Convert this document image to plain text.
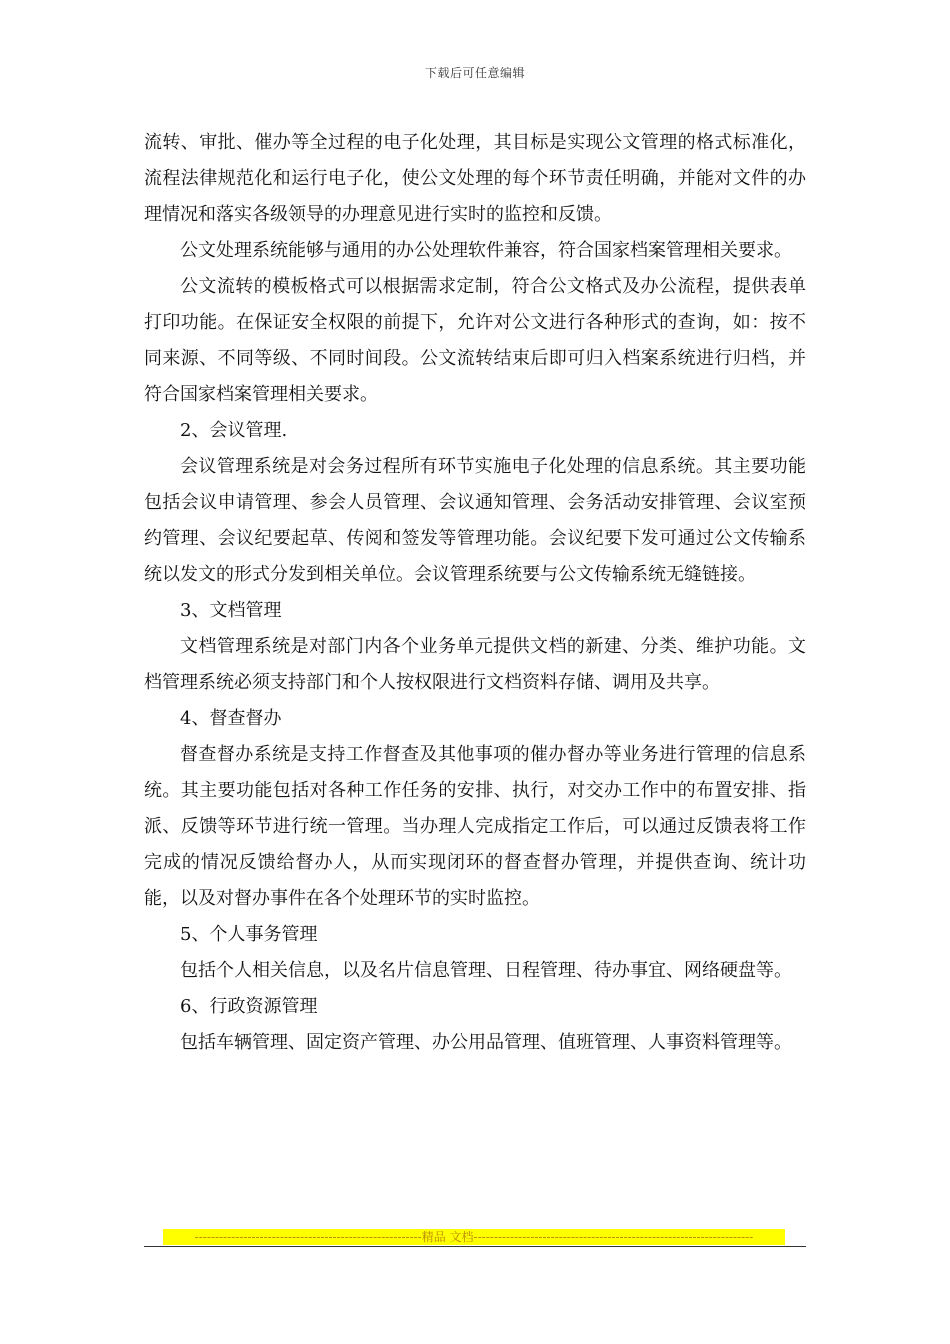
下载后可任意编辑

流转、审批、催办等全过程的电子化处理，其目标是实现公文管理的格式标准化，流程法律规范化和运行电子化，使公文处理的每个环节责任明确，并能对文件的办理情况和落实各级领导的办理意见进行实时的监控和反馈。

公文处理系统能够与通用的办公处理软件兼容，符合国家档案管理相关要求。

公文流转的模板格式可以根据需求定制，符合公文格式及办公流程，提供表单打印功能。在保证安全权限的前提下，允许对公文进行各种形式的查询，如：按不同来源、不同等级、不同时间段。公文流转结束后即可归入档案系统进行归档，并符合国家档案管理相关要求。

2、会议管理.

会议管理系统是对会务过程所有环节实施电子化处理的信息系统。其主要功能包括会议申请管理、参会人员管理、会议通知管理、会务活动安排管理、会议室预约管理、会议纪要起草、传阅和签发等管理功能。会议纪要下发可通过公文传输系统以发文的形式分发到相关单位。会议管理系统要与公文传输系统无缝链接。

3、文档管理

文档管理系统是对部门内各个业务单元提供文档的新建、分类、维护功能。文档管理系统必须支持部门和个人按权限进行文档资料存储、调用及共享。

4、督查督办

督查督办系统是支持工作督查及其他事项的催办督办等业务进行管理的信息系统。其主要功能包括对各种工作任务的安排、执行，对交办工作中的布置安排、指派、反馈等环节进行统一管理。当办理人完成指定工作后，可以通过反馈表将工作完成的情况反馈给督办人，从而实现闭环的督查督办管理，并提供查询、统计功能，以及对督办事件在各个处理环节的实时监控。

5、个人事务管理

包括个人相关信息，以及名片信息管理、日程管理、待办事宜、网络硬盘等。

6、行政资源管理

包括车辆管理、固定资产管理、办公用品管理、值班管理、人事资料管理等。

--------------------------------------------------------精品 文档---------------------------------------------------------------------
